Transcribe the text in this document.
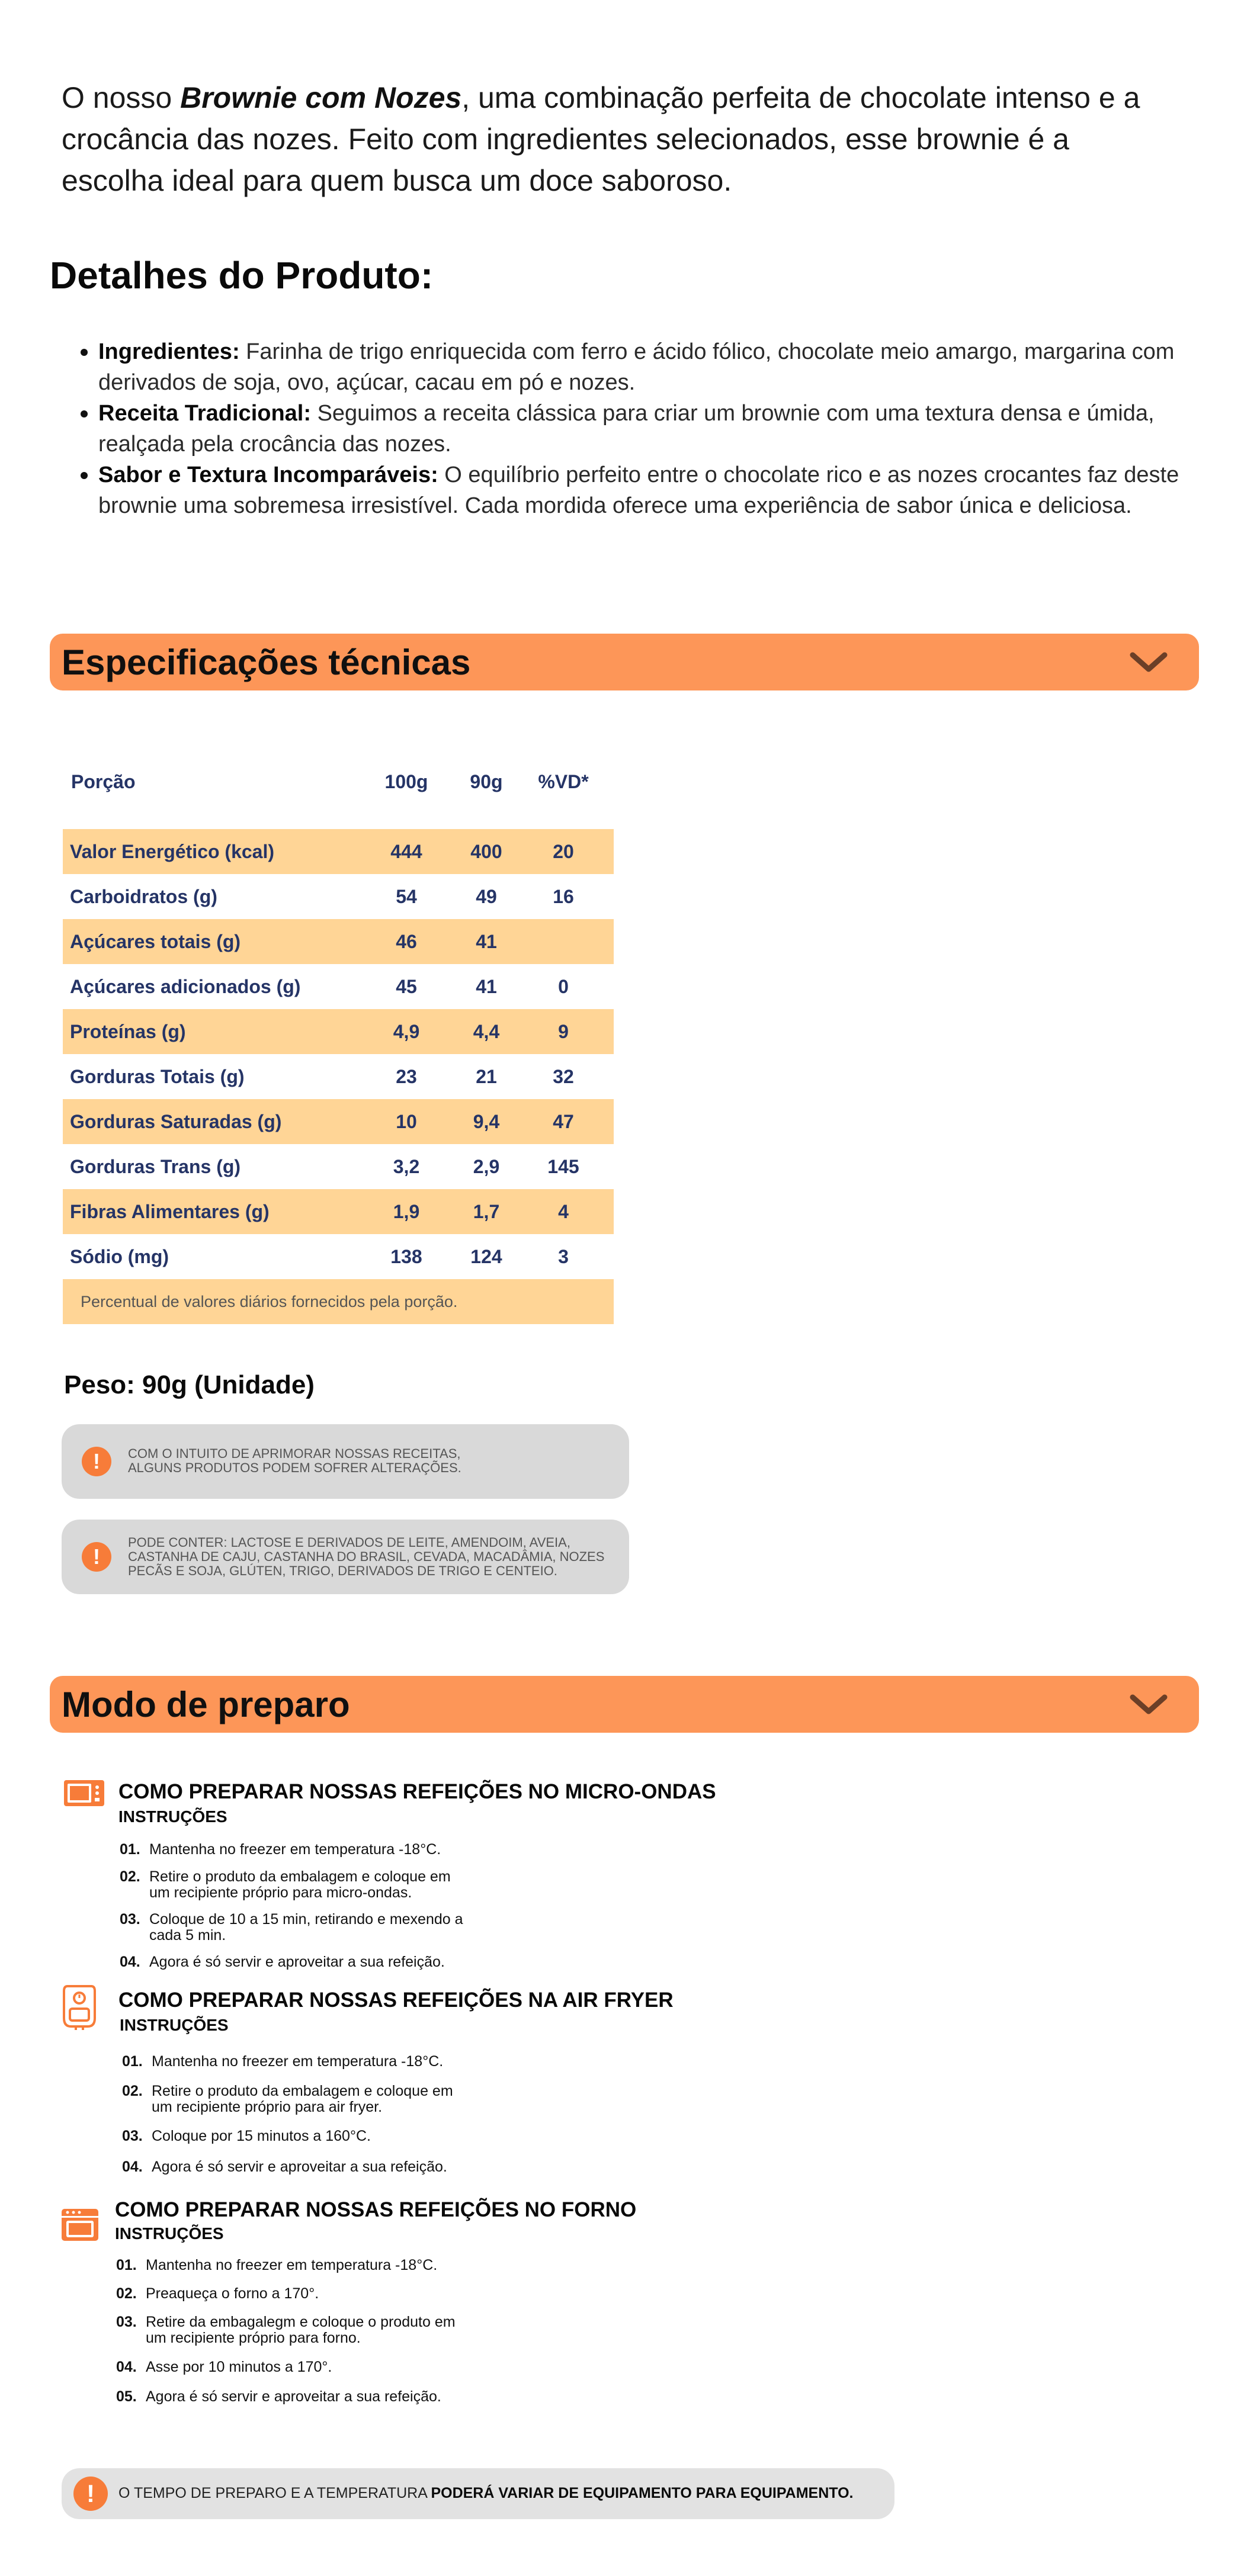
O nosso Brownie com Nozes, uma combinação perfeita de chocolate intenso e a crocância das nozes. Feito com ingredientes selecionados, esse brownie é a escolha ideal para quem busca um doce saboroso.

Detalhes do Produto:
Ingredientes: Farinha de trigo enriquecida com ferro e ácido fólico, chocolate meio amargo, margarina com derivados de soja, ovo, açúcar, cacau em pó e nozes.
Receita Tradicional: Seguimos a receita clássica para criar um brownie com uma textura densa e úmida, realçada pela crocância das nozes.
Sabor e Textura Incomparáveis: O equilíbrio perfeito entre o chocolate rico e as nozes crocantes faz deste brownie uma sobremesa irresistível. Cada mordida oferece uma experiência de sabor única e deliciosa.
Especificações técnicas
Porção	100g	90g	%VD*
Valor Energético (kcal)	444	400	20
Carboidratos (g)	54	49	16
Açúcares totais (g)	46	41
Açúcares adicionados (g)	45	41	0
Proteínas (g)	4,9	4,4	9
Gorduras Totais (g)	23	21	32
Gorduras Saturadas (g)	10	9,4	47
Gorduras Trans (g)	3,2	2,9	145
Fibras Alimentares (g)	1,9	1,7	4
Sódio (mg)	138	124	3
Percentual de valores diários fornecidos pela porção.
Peso: 90g (Unidade)
!	COM O INTUITO DE APRIMORAR NOSSAS RECEITAS,
ALGUNS PRODUTOS PODEM SOFRER ALTERAÇÕES.
!
PODE CONTER: LACTOSE E DERIVADOS DE LEITE, AMENDOIM, AVEIA,
CASTANHA DE CAJU, CASTANHA DO BRASIL, CEVADA, MACADÂMIA, NOZES
PECÃS E SOJA, GLÚTEN, TRIGO, DERIVADOS DE TRIGO E CENTEIO.
Modo de preparo
COMO PREPARAR NOSSAS REFEIÇÕES NO MICRO-ONDAS
INSTRUÇÕES
01. Mantenha no freezer em temperatura -18°C.
02. Retire o produto da embalagem e coloque em
um recipiente próprio para micro-ondas.
03. Coloque de 10 a 15 min, retirando e mexendo a
cada 5 min.
04. Agora é só servir e aproveitar a sua refeição.
COMO PREPARAR NOSSAS REFEIÇÕES NA AIR FRYER
INSTRUÇÕES
01. Mantenha no freezer em temperatura -18°C.
02. Retire o produto da embalagem e coloque em
um recipiente próprio para air fryer.
03. Coloque por 15 minutos a 160°C.
04. Agora é só servir e aproveitar a sua refeição.
COMO PREPARAR NOSSAS REFEIÇÕES NO FORNO
INSTRUÇÕES
01. Mantenha no freezer em temperatura -18°C.
02. Preaqueça o forno a 170°.
03. Retire da embagalegm e coloque o produto em
um recipiente próprio para forno.
04. Asse por 10 minutos a 170°.
05. Agora é só servir e aproveitar a sua refeição.
!	O TEMPO DE PREPARO E A TEMPERATURA PODERÁ VARIAR DE EQUIPAMENTO PARA EQUIPAMENTO.
